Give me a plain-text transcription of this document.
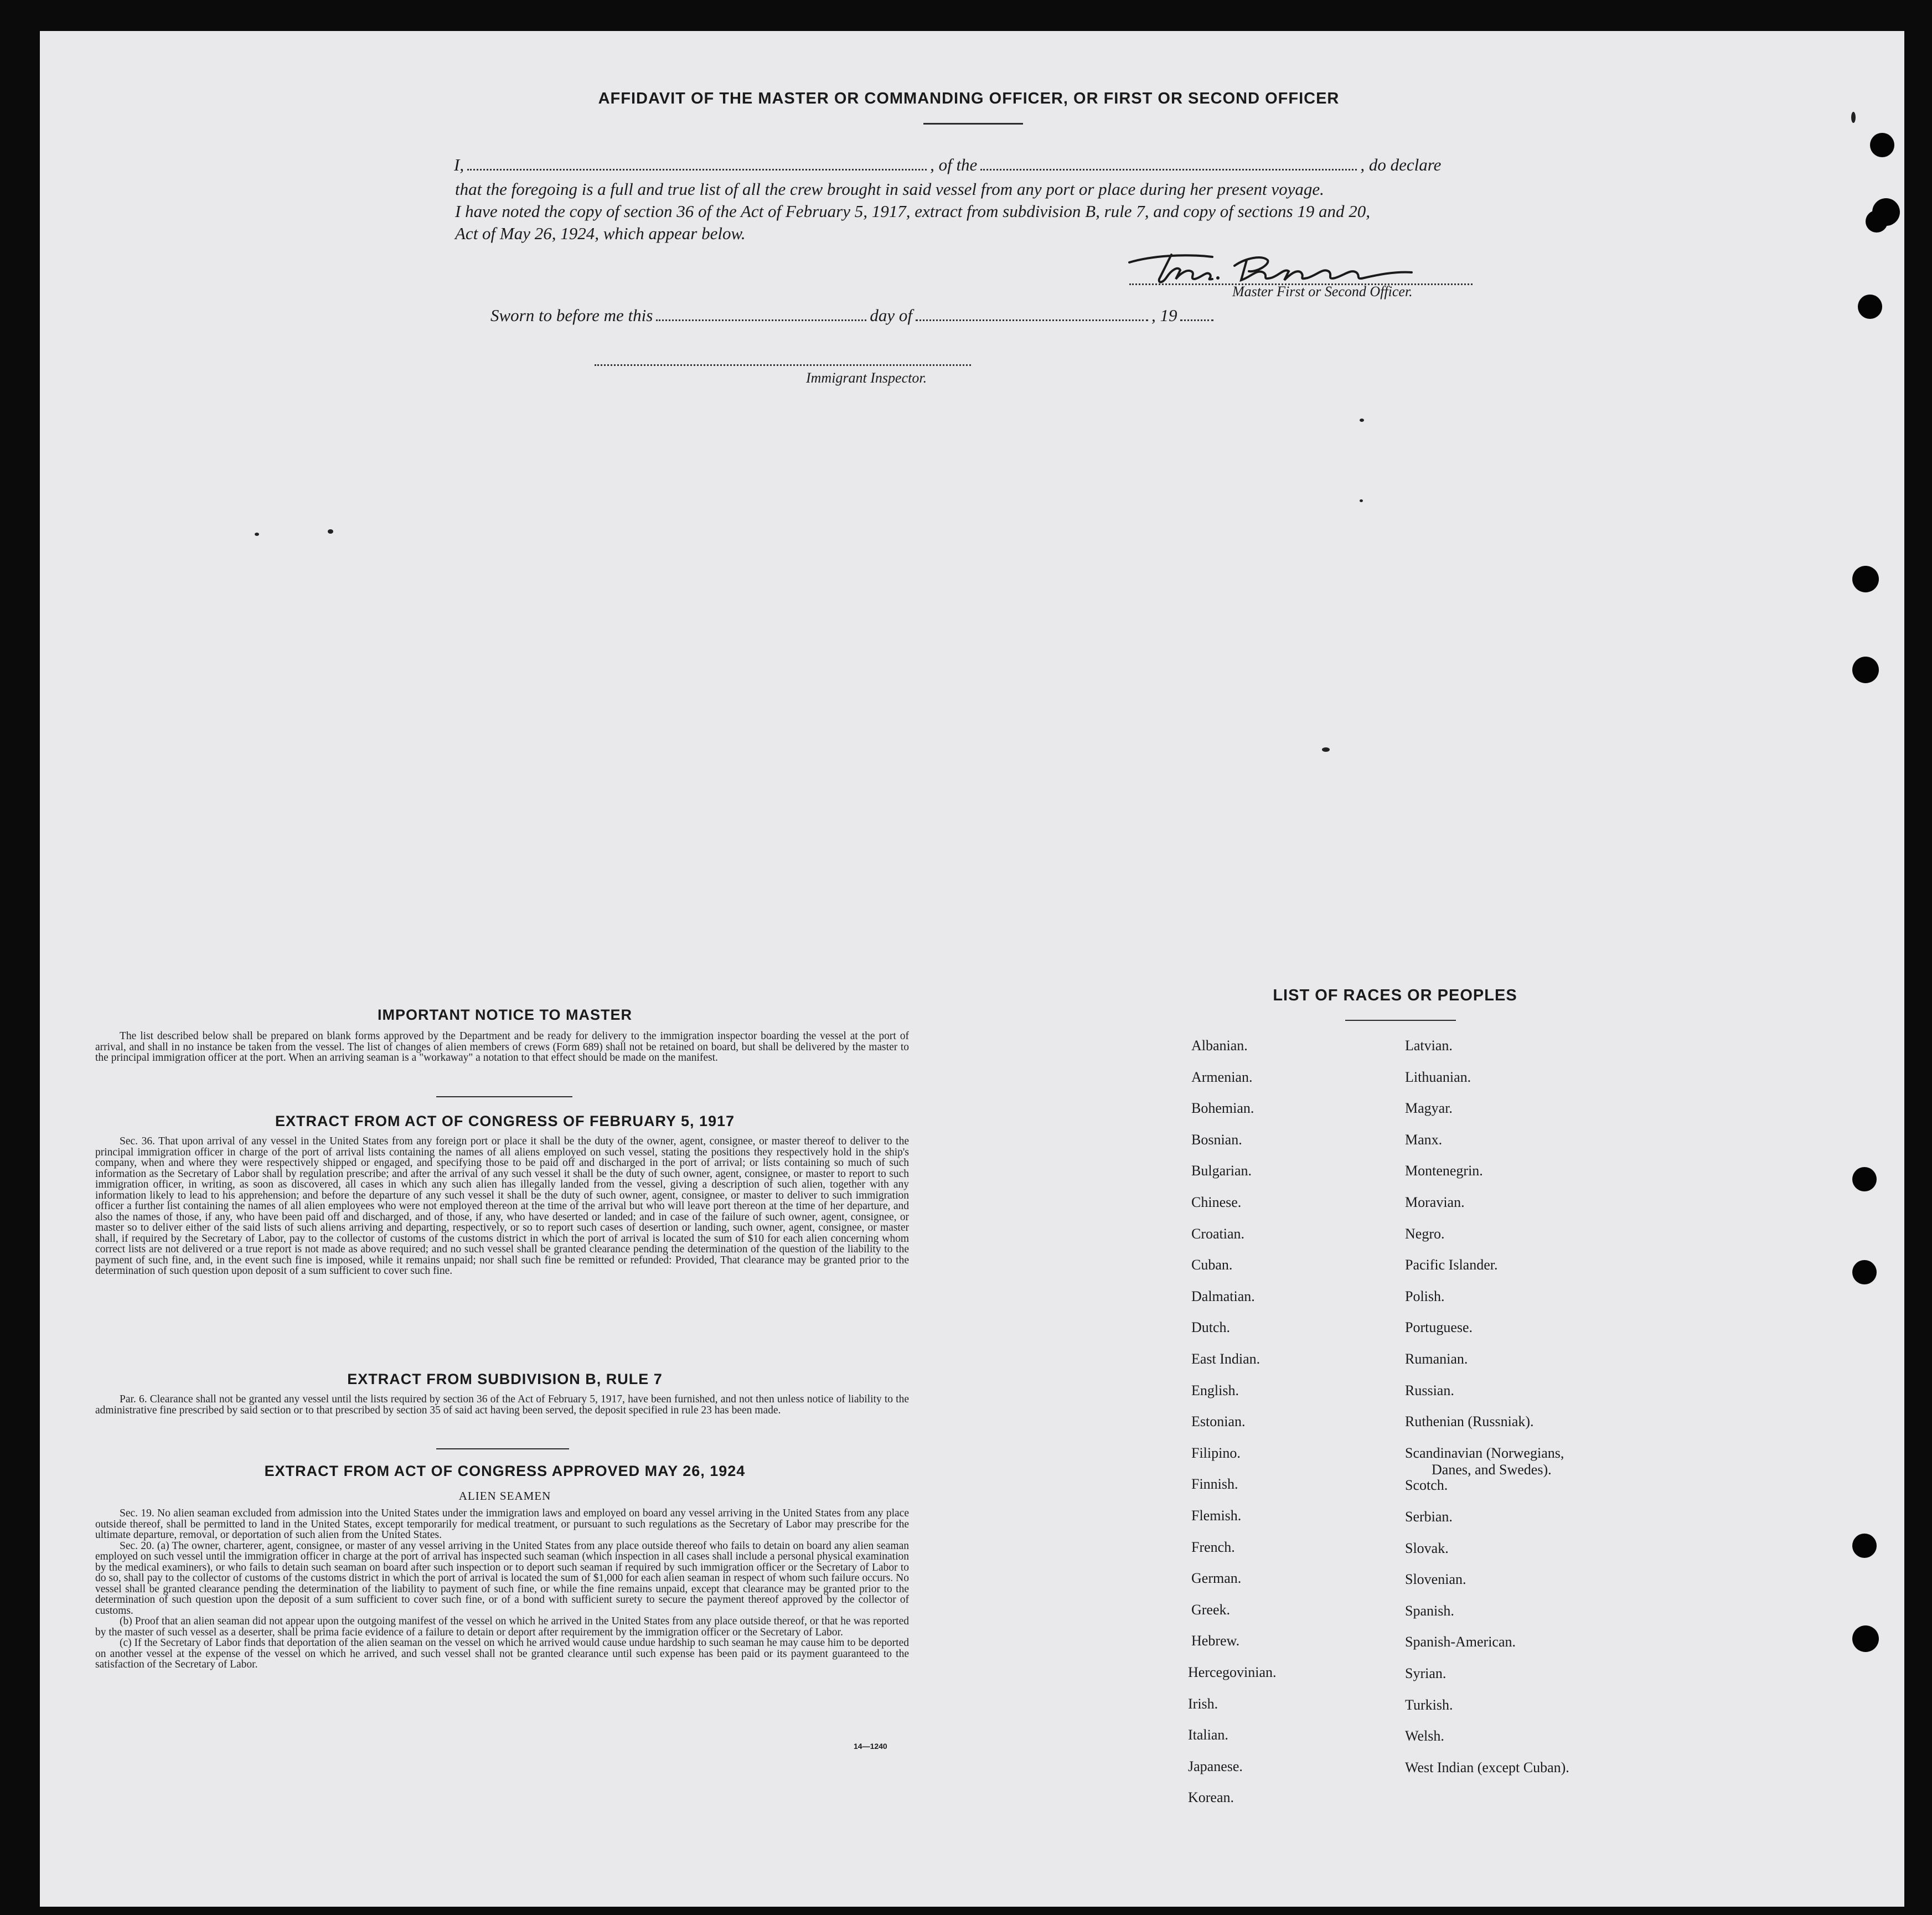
AFFIDAVIT OF THE MASTER OR COMMANDING OFFICER, OR FIRST OR SECOND OFFICER
I,	, of the	, do declare
that the foregoing is a full and true list of all the crew brought in said vessel from any port or place during her present voyage.
I have noted the copy of section 36 of the Act of February 5, 1917, extract from subdivision B, rule 7, and copy of sections 19 and 20,
Act of May 26, 1924, which appear below.
Thos. Pedersen
Master First or Second Officer.
Sworn to before me this	day of	, 19
Immigrant Inspector.
IMPORTANT NOTICE TO MASTER

The list described below shall be prepared on blank forms approved by the Department and be ready for delivery to the immigration inspector boarding the vessel at the port of arrival, and shall in no instance be taken from the vessel. The list of changes of alien members of crews (Form 689) shall not be retained on board, but shall be delivered by the master to the principal immigration officer at the port. When an arriving seaman is a "workaway" a notation to that effect should be made on the manifest.

EXTRACT FROM ACT OF CONGRESS OF FEBRUARY 5, 1917

Sec. 36. That upon arrival of any vessel in the United States from any foreign port or place it shall be the duty of the owner, agent, consignee, or master thereof to deliver to the principal immigration officer in charge of the port of arrival lists containing the names of all aliens employed on such vessel, stating the positions they respectively hold in the ship's company, when and where they were respectively shipped or engaged, and specifying those to be paid off and discharged in the port of arrival; or lists containing so much of such information as the Secretary of Labor shall by regulation prescribe; and after the arrival of any such vessel it shall be the duty of such owner, agent, consignee, or master to report to such immigration officer, in writing, as soon as discovered, all cases in which any such alien has illegally landed from the vessel, giving a description of such alien, together with any information likely to lead to his apprehension; and before the departure of any such vessel it shall be the duty of such owner, agent, consignee, or master to deliver to such immigration officer a further list containing the names of all alien employees who were not employed thereon at the time of the arrival but who will leave port thereon at the time of her departure, and also the names of those, if any, who have been paid off and discharged, and of those, if any, who have deserted or landed; and in case of the failure of such owner, agent, consignee, or master so to deliver either of the said lists of such aliens arriving and departing, respectively, or so to report such cases of desertion or landing, such owner, agent, consignee, or master shall, if required by the Secretary of Labor, pay to the collector of customs of the customs district in which the port of arrival is located the sum of $10 for each alien concerning whom correct lists are not delivered or a true report is not made as above required; and no such vessel shall be granted clearance pending the determination of the question of the liability to the payment of such fine, and, in the event such fine is imposed, while it remains unpaid; nor shall such fine be remitted or refunded: Provided, That clearance may be granted prior to the determination of such question upon deposit of a sum sufficient to cover such fine.

EXTRACT FROM SUBDIVISION B, RULE 7

Par. 6. Clearance shall not be granted any vessel until the lists required by section 36 of the Act of February 5, 1917, have been furnished, and not then unless notice of liability to the administrative fine prescribed by said section or to that prescribed by section 35 of said act having been served, the deposit specified in rule 23 has been made.

EXTRACT FROM ACT OF CONGRESS APPROVED MAY 26, 1924
ALIEN SEAMEN

Sec. 19. No alien seaman excluded from admission into the United States under the immigration laws and employed on board any vessel arriving in the United States from any place outside thereof, shall be permitted to land in the United States, except temporarily for medical treatment, or pursuant to such regulations as the Secretary of Labor may prescribe for the ultimate departure, removal, or deportation of such alien from the United States.

Sec. 20. (a) The owner, charterer, agent, consignee, or master of any vessel arriving in the United States from any place outside thereof who fails to detain on board any alien seaman employed on such vessel until the immigration officer in charge at the port of arrival has inspected such seaman (which inspection in all cases shall include a personal physical examination by the medical examiners), or who fails to detain such seaman on board after such inspection or to deport such seaman if required by such immigration officer or the Secretary of Labor to do so, shall pay to the collector of customs of the customs district in which the port of arrival is located the sum of $1,000 for each alien seaman in respect of whom such failure occurs. No vessel shall be granted clearance pending the determination of the liability to payment of such fine, or while the fine remains unpaid, except that clearance may be granted prior to the determination of such question upon the deposit of a sum sufficient to cover such fine, or of a bond with sufficient surety to secure the payment thereof approved by the collector of customs.

(b) Proof that an alien seaman did not appear upon the outgoing manifest of the vessel on which he arrived in the United States from any place outside thereof, or that he was reported by the master of such vessel as a deserter, shall be prima facie evidence of a failure to detain or deport after requirement by the immigration officer or the Secretary of Labor.

(c) If the Secretary of Labor finds that deportation of the alien seaman on the vessel on which he arrived would cause undue hardship to such seaman he may cause him to be deported on another vessel at the expense of the vessel on which he arrived, and such vessel shall not be granted clearance until such expense has been paid or its payment guaranteed to the satisfaction of the Secretary of Labor.

14—1240
LIST OF RACES OR PEOPLES
Albanian.
Armenian.
Bohemian.
Bosnian.
Bulgarian.
Chinese.
Croatian.
Cuban.
Dalmatian.
Dutch.
East Indian.
English.
Estonian.
Filipino.
Finnish.
Flemish.
French.
German.
Greek.
Hebrew.
Hercegovinian.
Irish.
Italian.
Japanese.
Korean.
Latvian.
Lithuanian.
Magyar.
Manx.
Montenegrin.
Moravian.
Negro.
Pacific Islander.
Polish.
Portuguese.
Rumanian.
Russian.
Ruthenian (Russniak).
Scandinavian (Norwegians,
Danes, and Swedes).
Scotch.
Serbian.
Slovak.
Slovenian.
Spanish.
Spanish-American.
Syrian.
Turkish.
Welsh.
West Indian (except Cuban).
